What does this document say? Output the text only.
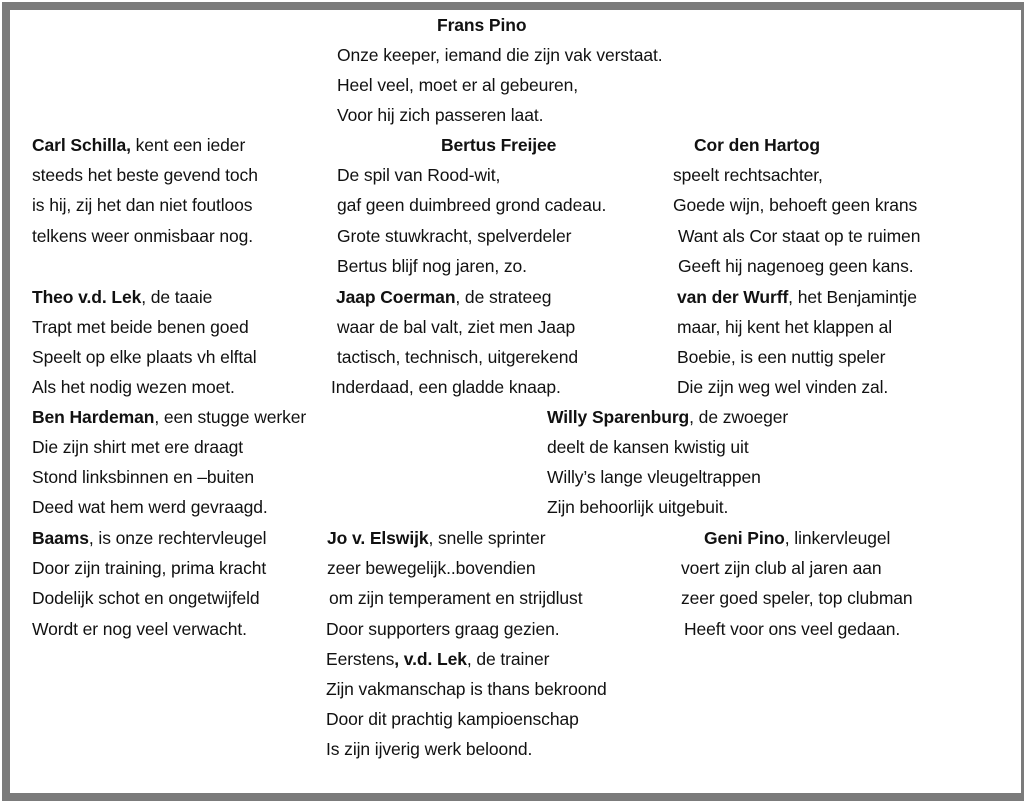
Frans Pino
Onze keeper, iemand die zijn vak verstaat.
Heel veel, moet er al gebeuren,
Voor hij zich passeren laat.
Carl Schilla, kent een ieder
steeds het beste gevend toch
is hij, zij het dan niet foutloos
telkens weer onmisbaar nog.
Bertus Freijee
De spil van Rood-wit,
gaf geen duimbreed grond cadeau.
Grote stuwkracht, spelverdeler
Bertus blijf nog jaren, zo.
Cor den Hartog
speelt rechtsachter,
Goede wijn, behoeft geen krans
Want als Cor staat op te ruimen
Geeft hij nagenoeg geen kans.
Theo v.d. Lek, de taaie
Trapt met beide benen goed
Speelt op elke plaats vh elftal
Als het nodig wezen moet.
Jaap Coerman, de strateeg
waar de bal valt, ziet men Jaap
tactisch, technisch, uitgerekend
Inderdaad, een gladde knaap.
van der Wurff, het Benjamintje
maar, hij kent het klappen al
Boebie, is een nuttig speler
Die zijn weg wel vinden zal.
Ben Hardeman, een stugge werker
Die zijn shirt met ere draagt
Stond linksbinnen en –buiten
Deed wat hem werd gevraagd.
Willy Sparenburg, de zwoeger
deelt de kansen kwistig uit
Willy’s lange vleugeltrappen
Zijn behoorlijk uitgebuit.
Baams, is onze rechtervleugel
Door zijn training, prima kracht
Dodelijk schot en ongetwijfeld
Wordt er nog veel verwacht.
Jo v. Elswijk, snelle sprinter
zeer bewegelijk..bovendien
om zijn temperament en strijdlust
Door supporters graag gezien.
Geni Pino, linkervleugel
voert zijn club al jaren aan
zeer goed speler, top clubman
Heeft voor ons veel gedaan.
Eerstens, v.d. Lek, de trainer
Zijn vakmanschap is thans bekroond
Door dit prachtig kampioenschap
Is zijn ijverig werk beloond.
